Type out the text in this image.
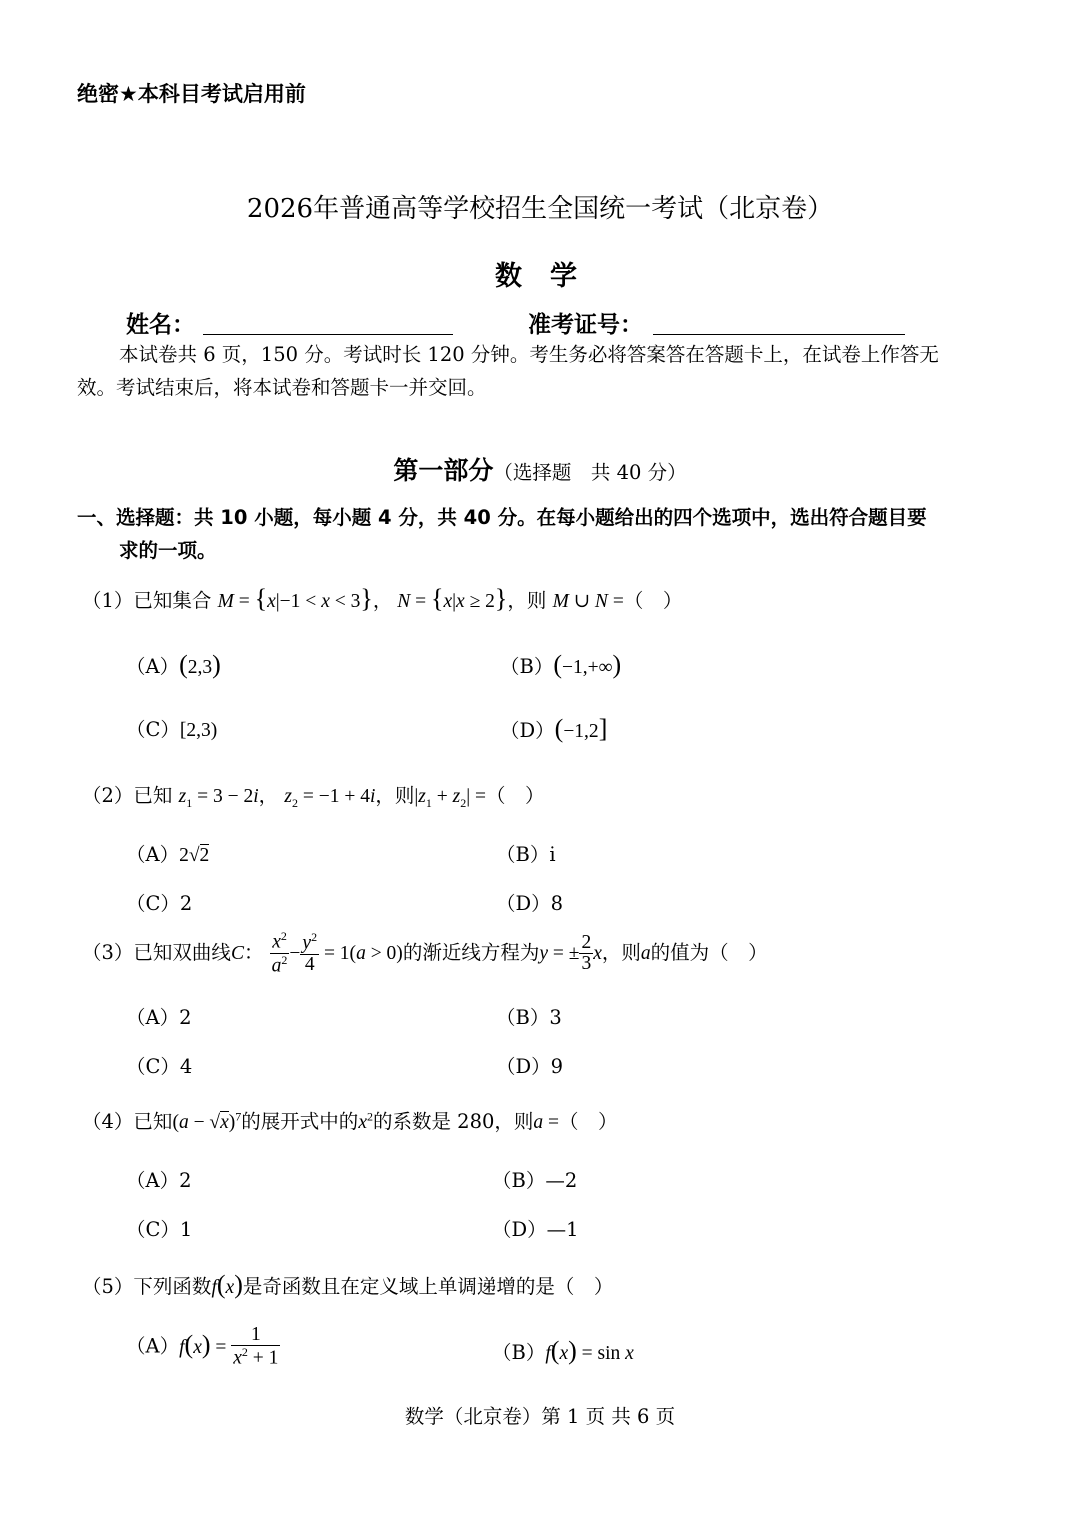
绝密★本科目考试启用前
2026年普通高等学校招生全国统一考试（北京卷）
数学
姓名：	准考证号：
本试卷共 6 页，150 分。考试时长 120 分钟。考生务必将答案答在答题卡上，在试卷上作答无
效。考试结束后，将本试卷和答题卡一并交回。
第一部分（选择题　共 40 分）
一、选择题：共 10 小题，每小题 4 分，共 40 分。在每小题给出的四个选项中，选出符合题目要
求的一项。
（1）已知集合 M = {x|−1 < x < 3}， N = {x|x ≥ 2}，则 M ∪ N =（　）
（A）(2,3)	（B）(−1,+∞)
（C）[2,3)	（D）(−1,2]
（2）已知 $z_1 = 3 - 2i$， $z_2 = -1 + 4i$，则$|z_1 + z_2|$ =（　）
（A）2√2	（B）i
（C）2	（D）8
（3）已知双曲线C： $\frac{x^2}{a^2} - \frac{y^2}{4} = 1(a > 0)$的渐近线方程为y = ± $\frac{2}{3}$ x，则a的值为（　）
（A）2	（B）3
（C）4	（D）9
（4）已知$(a - √x)^7$的展开式中的$x^2$的系数是 280，则a =（　）
（A）2	（B）—2
（C）1	（D）—1
（5）下列函数f(x)是奇函数且在定义域上单调递增的是（　）
$(A)f(x) = \frac{1}{x^2 + 1}$	（B）f(x) = sin x
数学（北京卷）第 1 页 共 6 页
